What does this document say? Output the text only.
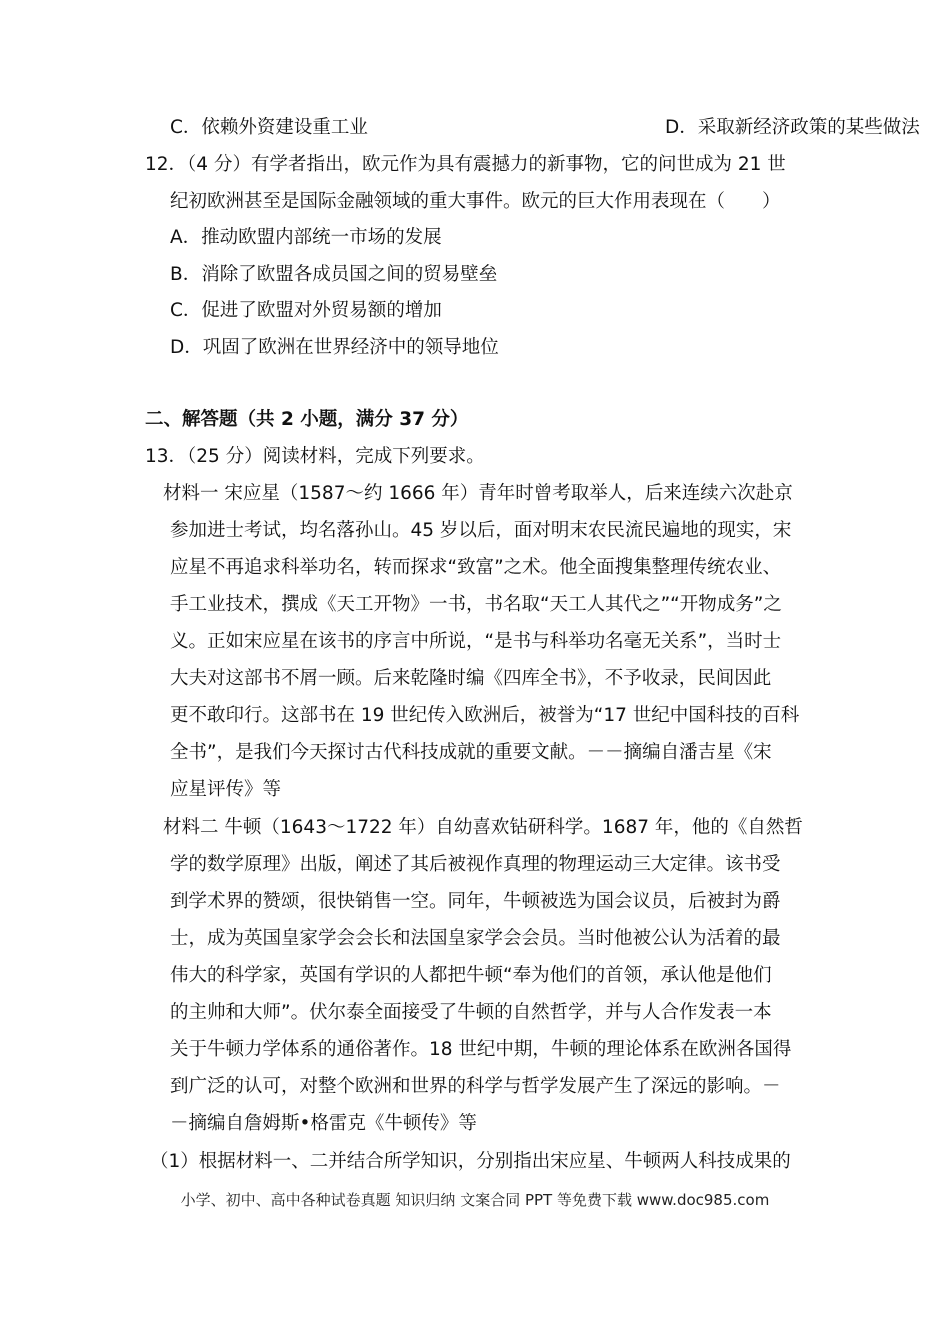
C．依赖外资建设重工业	D．采取新经济政策的某些做法
12．（4 分）有学者指出，欧元作为具有震撼力的新事物，它的问世成为 21 世
纪初欧洲甚至是国际金融领域的重大事件。欧元的巨大作用表现在（　　）
A．推动欧盟内部统一市场的发展
B．消除了欧盟各成员国之间的贸易壁垒
C．促进了欧盟对外贸易额的增加
D．巩固了欧洲在世界经济中的领导地位
二、解答题（共 2 小题，满分 37 分）
13．（25 分）阅读材料，完成下列要求。
材料一 宋应星（1587～约 1666 年）青年时曾考取举人，后来连续六次赴京
参加进士考试，均名落孙山。45 岁以后，面对明末农民流民遍地的现实，宋
应星不再追求科举功名，转而探求“致富”之术。他全面搜集整理传统农业、
手工业技术，撰成《天工开物》一书，书名取“天工人其代之”“开物成务”之
义。正如宋应星在该书的序言中所说，“是书与科举功名毫无关系”，当时士
大夫对这部书不屑一顾。后来乾隆时编《四库全书》，不予收录，民间因此
更不敢印行。这部书在 19 世纪传入欧洲后，被誉为“17 世纪中国科技的百科
全书”，是我们今天探讨古代科技成就的重要文献。－－摘编自潘吉星《宋
应星评传》等
材料二 牛顿（1643～1722 年）自幼喜欢钻研科学。1687 年，他的《自然哲
学的数学原理》出版，阐述了其后被视作真理的物理运动三大定律。该书受
到学术界的赞颂，很快销售一空。同年，牛顿被选为国会议员，后被封为爵
士，成为英国皇家学会会长和法国皇家学会会员。当时他被公认为活着的最
伟大的科学家，英国有学识的人都把牛顿“奉为他们的首领，承认他是他们
的主帅和大师”。伏尔泰全面接受了牛顿的自然哲学，并与人合作发表一本
关于牛顿力学体系的通俗著作。18 世纪中期，牛顿的理论体系在欧洲各国得
到广泛的认可，对整个欧洲和世界的科学与哲学发展产生了深远的影响。－
－摘编自詹姆斯•格雷克《牛顿传》等
（1）根据材料一、二并结合所学知识，分别指出宋应星、牛顿两人科技成果的
小学、初中、高中各种试卷真题 知识归纳 文案合同 PPT 等免费下载 www.doc985.com
